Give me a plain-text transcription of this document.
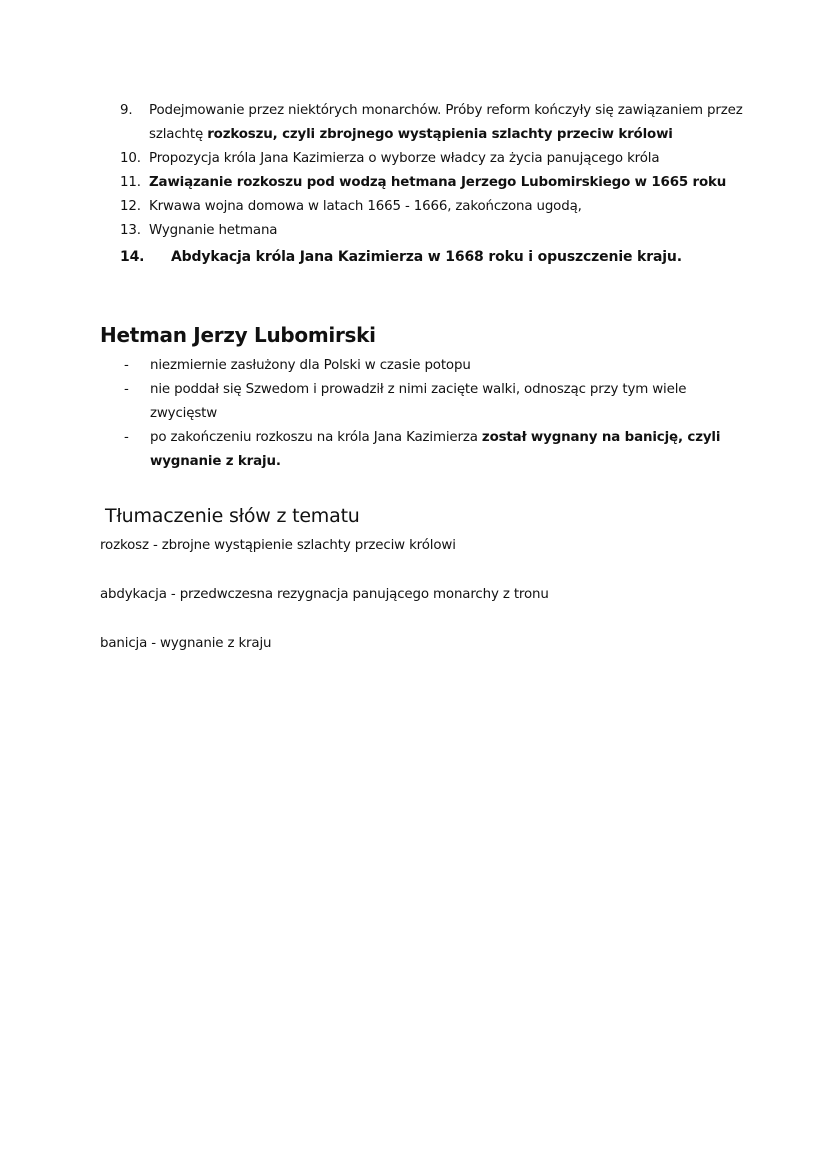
9. Podejmowanie przez niektórych monarchów. Próby reform kończyły się zawiązaniem przez szlachtę rozkoszu, czyli zbrojnego wystąpienia szlachty przeciw królowi
10. Propozycja króla Jana Kazimierza o wyborze władcy za życia panującego króla
11. Zawiązanie rozkoszu pod wodzą hetmana Jerzego Lubomirskiego w 1665 roku
12. Krwawa wojna domowa w latach 1665 - 1666, zakończona ugodą,
13. Wygnanie hetmana
14. Abdykacja króla Jana Kazimierza w 1668 roku i opuszczenie kraju.
Hetman Jerzy Lubomirski
- niezmiernie zasłużony dla Polski w czasie potopu
- nie poddał się Szwedom i prowadził z nimi zacięte walki, odnosząc przy tym wiele zwycięstw
- po zakończeniu rozkoszu na króla Jana Kazimierza został wygnany na banicję, czyli wygnanie z kraju.
Tłumaczenie słów z tematu
rozkosz - zbrojne wystąpienie szlachty przeciw królowi
abdykacja - przedwczesna rezygnacja panującego monarchy z tronu
banicja - wygnanie z kraju
